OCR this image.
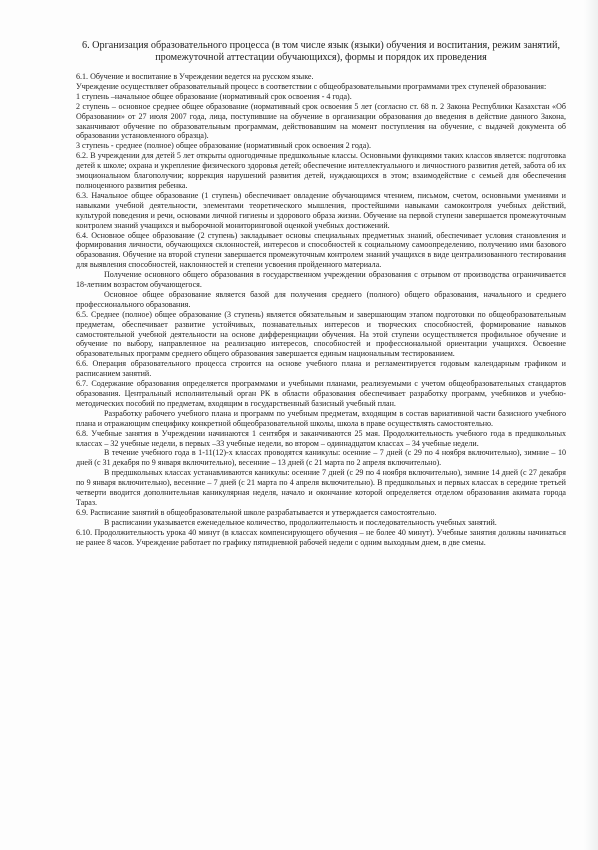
6. Организация образовательного процесса (в том числе язык (языки) обучения и воспитания, режим занятий, промежуточной аттестации обучающихся), формы и порядок их проведения

6.1. Обучение и воспитание в Учреждении ведется на русском языке.

Учреждение осуществляет образовательный процесс в соответствии с общеобразовательными программами трех ступеней образования:

1 ступень –начальное общее образование (нормативный срок освоения - 4 года).

2 ступень – основное среднее общее образование (нормативный срок освоения 5 лет (согласно ст. 68 п. 2 Закона Республики Казахстан «Об Образовании» от 27 июля 2007 года, лица, поступившие на обучение в организации образования до введения в действие данного Закона, заканчивают обучение по образовательным программам, действовавшим на момент поступления на обучение, с выдачей документа об образовании установленного образца).

3 ступень - среднее (полное) общее образование (нормативный срок освоения 2 года).

6.2. В учреждении для детей 5 лет открыты одногодичные предшкольные классы. Основными функциями таких классов является: подготовка детей к школе; охрана и укрепление физического здоровья детей; обеспечение интеллектуального и личностного развития детей, забота об их эмоциональном благополучии; коррекция нарушений развития детей, нуждающихся в этом; взаимодействие с семьей для обеспечения полноценного развития ребенка.

6.3. Начальное общее образование (1 ступень) обеспечивает овладение обучающимся чтением, письмом, счетом, основными умениями и навыками учебной деятельности, элементами теоретического мышления, простейшими навыками самоконтроля учебных действий, культурой поведения и речи, основами личной гигиены и здорового образа жизни. Обучение на первой ступени завершается промежуточным контролем знаний учащихся и выборочной мониторинговой оценкой учебных достижений.

6.4. Основное общее образование (2 ступень) закладывает основы специальных предметных знаний, обеспечивает условия становления и формирования личности, обучающихся склонностей, интересов и способностей к социальному самоопределению, получению ими базового образования. Обучение на второй ступени завершается промежуточным контролем знаний учащихся в виде централизованного тестирования для выявления способностей, наклонностей и степени усвоения пройденного материала.

Получение основного общего образования в государственном учреждении образования с отрывом от производства ограничивается 18-летним возрастом обучающегося.

Основное общее образование является базой для получения среднего (полного) общего образования, начального и среднего профессионального образования.

6.5. Среднее (полное) общее образование (3 ступень) является обязательным и завершающим этапом подготовки по общеобразовательным предметам, обеспечивает развитие устойчивых, познавательных интересов и творческих способностей, формирование навыков самостоятельной учебной деятельности на основе дифференциации обучения. На этой ступени осуществляется профильное обучение и обучение по выбору, направленное на реализацию интересов, способностей и профессиональной ориентации учащихся. Освоение образовательных программ среднего общего образования завершается единым национальным тестированием.

6.6. Операция образовательного процесса строится на основе учебного плана и регламентируется годовым календарным графиком и расписанием занятий.

6.7. Содержание образования определяется программами и учебными планами, реализуемыми с учетом общеобразовательных стандартов образования. Центральный исполнительный орган РК в области образования обеспечивает разработку программ, учебников и учебно-методических пособий по предметам, входящим в государственный базисный учебный план.

Разработку рабочего учебного плана и программ по учебным предметам, входящим в состав вариативной части базисного учебного плана и отражающим специфику конкретной общеобразовательной школы, школа в праве осуществлять самостоятельно.

6.8. Учебные занятия в Учреждении начинаются 1 сентября и заканчиваются 25 мая. Продолжительность учебного года в предшкольных классах – 32 учебные недели, в первых –33 учебные недели, во втором – одиннадцатом классах – 34 учебные недели.

В течение учебного года в 1-11(12)-х классах проводятся каникулы: осенние – 7 дней (с 29 по 4 ноября включительно), зимние – 10 дней (с 31 декабря по 9 января включительно), весенние – 13 дней (с 21 марта по 2 апреля включительно).

В предшкольных классах устанавливаются каникулы: осенние 7 дней (с 29 по 4 ноября включительно), зимние 14 дней (с 27 декабря по 9 января включительно), весенние – 7 дней (с 21 марта по 4 апреля включительно). В предшкольных и первых классах в середине третьей четверти вводится дополнительная каникулярная неделя, начало и окончание которой определяется отделом образования акимата города Тараз.

6.9. Расписание занятий в общеобразовательной школе разрабатывается и утверждается самостоятельно.

В расписании указывается еженедельное количество, продолжительность и последовательность учебных занятий.

6.10. Продолжительность урока 40 минут (в классах компенсирующего обучения – не более 40 минут). Учебные занятия должны начинаться не ранее 8 часов. Учреждение работает по графику пятидневной рабочей недели с одним выходным днем, в две смены.
